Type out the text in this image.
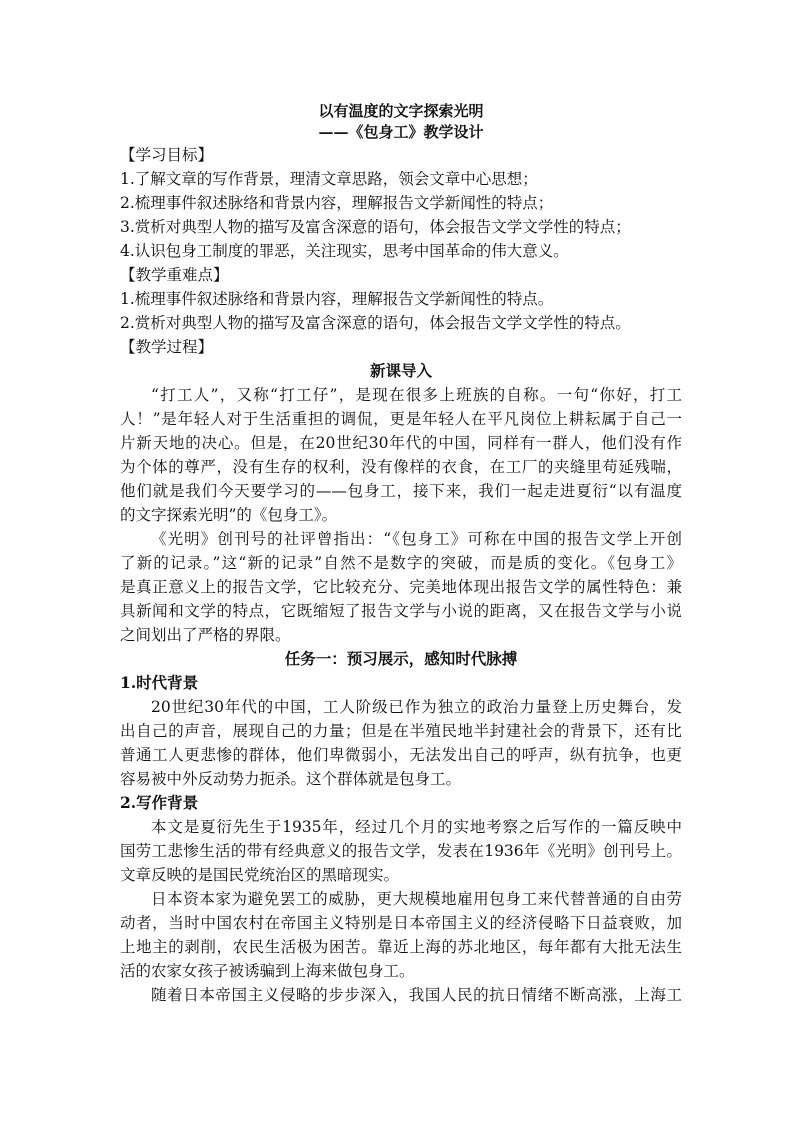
以有温度的文字探索光明
——《包身工》教学设计
【学习目标】
1.了解文章的写作背景，理清文章思路，领会文章中心思想；
2.梳理事件叙述脉络和背景内容，理解报告文学新闻性的特点；
3.赏析对典型人物的描写及富含深意的语句，体会报告文学文学性的特点；
4.认识包身工制度的罪恶，关注现实，思考中国革命的伟大意义。
【教学重难点】
1.梳理事件叙述脉络和背景内容，理解报告文学新闻性的特点。
2.赏析对典型人物的描写及富含深意的语句，体会报告文学文学性的特点。
【教学过程】
新课导入
“打工人”，又称“打工仔”，是现在很多上班族的自称。一句“你好，打工
人！”是年轻人对于生活重担的调侃，更是年轻人在平凡岗位上耕耘属于自己一
片新天地的决心。但是，在20世纪30年代的中国，同样有一群人，他们没有作
为个体的尊严，没有生存的权利，没有像样的衣食，在工厂的夹缝里苟延残喘，
他们就是我们今天要学习的——包身工，接下来，我们一起走进夏衍“以有温度
的文字探索光明”的《包身工》。
《光明》创刊号的社评曾指出：“《包身工》可称在中国的报告文学上开创
了新的记录。”这“新的记录”自然不是数字的突破，而是质的变化。《包身工》
是真正意义上的报告文学，它比较充分、完美地体现出报告文学的属性特色：兼
具新闻和文学的特点，它既缩短了报告文学与小说的距离，又在报告文学与小说
之间划出了严格的界限。
任务一：预习展示，感知时代脉搏
1.时代背景
20世纪30年代的中国，工人阶级已作为独立的政治力量登上历史舞台，发
出自己的声音，展现自己的力量；但是在半殖民地半封建社会的背景下，还有比
普通工人更悲惨的群体，他们卑微弱小，无法发出自己的呼声，纵有抗争，也更
容易被中外反动势力扼杀。这个群体就是包身工。
2.写作背景
本文是夏衍先生于1935年，经过几个月的实地考察之后写作的一篇反映中
国劳工悲惨生活的带有经典意义的报告文学，发表在1936年《光明》创刊号上。
文章反映的是国民党统治区的黑暗现实。
日本资本家为避免罢工的威胁，更大规模地雇用包身工来代替普通的自由劳
动者，当时中国农村在帝国主义特别是日本帝国主义的经济侵略下日益衰败，加
上地主的剥削，农民生活极为困苦。靠近上海的苏北地区，每年都有大批无法生
活的农家女孩子被诱骗到上海来做包身工。
随着日本帝国主义侵略的步步深入，我国人民的抗日情绪不断高涨，上海工
